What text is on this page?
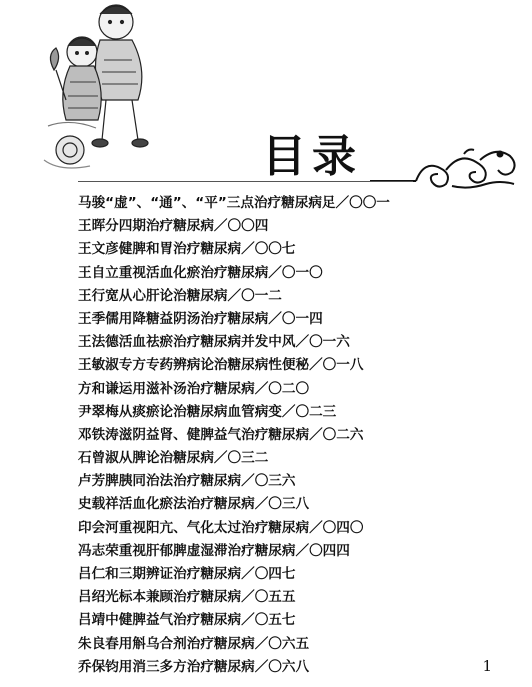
目录
马骏“虚”、“通”、“平”三点治疗糖尿病足／〇〇一
王晖分四期治疗糖尿病／〇〇四
王文彦健脾和胃治疗糖尿病／〇〇七
王自立重视活血化瘀治疗糖尿病／〇一〇
王行宽从心肝论治糖尿病／〇一二
王季儒用降糖益阴汤治疗糖尿病／〇一四
王法德活血祛瘀治疗糖尿病并发中风／〇一六
王敏淑专方专药辨病论治糖尿病性便秘／〇一八
方和谦运用滋补汤治疗糖尿病／〇二〇
尹翠梅从痰瘀论治糖尿病血管病变／〇二三
邓铁涛滋阴益肾、健脾益气治疗糖尿病／〇二六
石曾淑从脾论治糖尿病／〇三二
卢芳脾胰同治法治疗糖尿病／〇三六
史载祥活血化瘀法治疗糖尿病／〇三八
印会河重视阳亢、气化太过治疗糖尿病／〇四〇
冯志荣重视肝郁脾虚湿滞治疗糖尿病／〇四四
吕仁和三期辨证治疗糖尿病／〇四七
吕绍光标本兼顾治疗糖尿病／〇五五
吕靖中健脾益气治疗糖尿病／〇五七
朱良春用斛乌合剂治疗糖尿病／〇六五
乔保钧用消三多方治疗糖尿病／〇六八	1
